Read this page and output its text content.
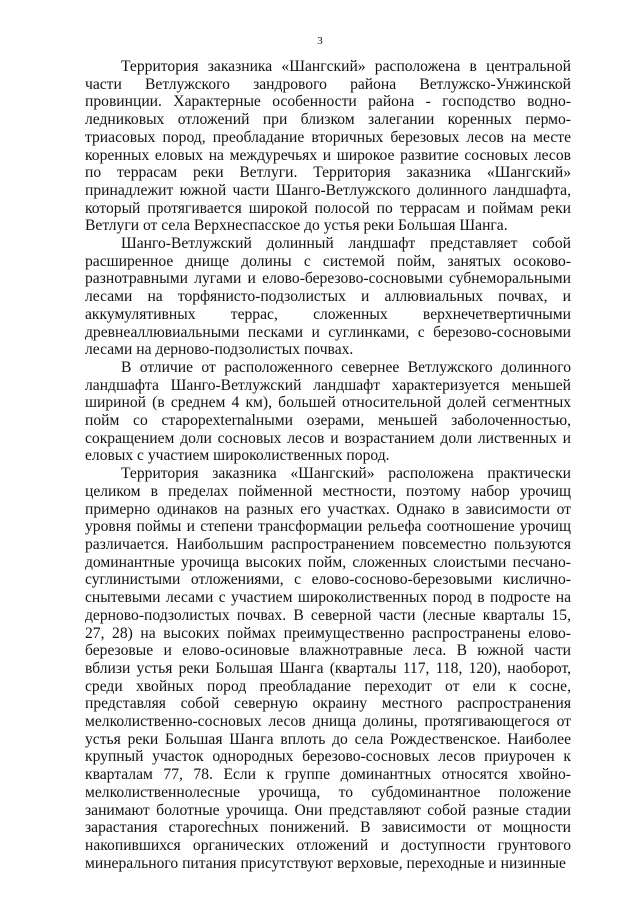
3

Территория заказника «Шангский» расположена в центральной части Ветлужского зандрового района Ветлужско-Унжинской провинции. Характерные особенности района - господство водно-ледниковых отложений при близком залегании коренных пермо-триасовых пород, преобладание вторичных березовых лесов на месте коренных еловых на междуречьях и широкое развитие сосновых лесов по террасам реки Ветлуги. Территория заказника «Шангский» принадлежит южной части Шанго-Ветлужского долинного ландшафта, который протягивается широкой полосой по террасам и поймам реки Ветлуги от села Верхнеспасское до устья реки Большая Шанга.

Шанго-Ветлужский долинный ландшафт представляет собой расширенное днище долины с системой пойм, занятых осоково-разнотравными лугами и елово-березово-сосновыми субнеморальными лесами на торфянисто-подзолистых и аллювиальных почвах, и аккумулятивных террас, сложенных верхнечетвертичными древнеаллювиальными песками и суглинками, с березово-сосновыми лесами на дерново-подзолистых почвах.

В отличие от расположенного севернее Ветлужского долинного ландшафта Шанго-Ветлужский ландшафт характеризуется меньшей шириной (в среднем 4 км), большей относительной долей сегментных пойм со старорexternalными озерами, меньшей заболоченностью, сокращением доли сосновых лесов и возрастанием доли лиственных и еловых с участием широколиственных пород.

Территория заказника «Шангский» расположена практически целиком в пределах пойменной местности, поэтому набор урочищ примерно одинаков на разных его участках. Однако в зависимости от уровня поймы и степени трансформации рельефа соотношение урочищ различается. Наибольшим распространением повсеместно пользуются доминантные урочища высоких пойм, сложенных слоистыми песчано-суглинистыми отложениями, с елово-сосново-березовыми кислично-снытевыми лесами с участием широколиственных пород в подросте на дерново-подзолистых почвах. В северной части (лесные кварталы 15, 27, 28) на высоких поймах преимущественно распространены елово-березовые и елово-осиновые влажнотравные леса. В южной части вблизи устья реки Большая Шанга (кварталы 117, 118, 120), наоборот, среди хвойных пород преобладание переходит от ели к сосне, представляя собой северную окраину местного распространения мелколиственно-сосновых лесов днища долины, протягивающегося от устья реки Большая Шанга вплоть до села Рождественское. Наиболее крупный участок однородных березово-сосновых лесов приурочен к кварталам 77, 78. Если к группе доминантных относятся хвойно-мелколиственнолесные урочища, то субдоминантное положение занимают болотные урочища. Они представляют собой разные стадии зарастания старorechных понижений. В зависимости от мощности накопившихся органических отложений и доступности грунтового минерального питания присутствуют верховые, переходные и низинные
